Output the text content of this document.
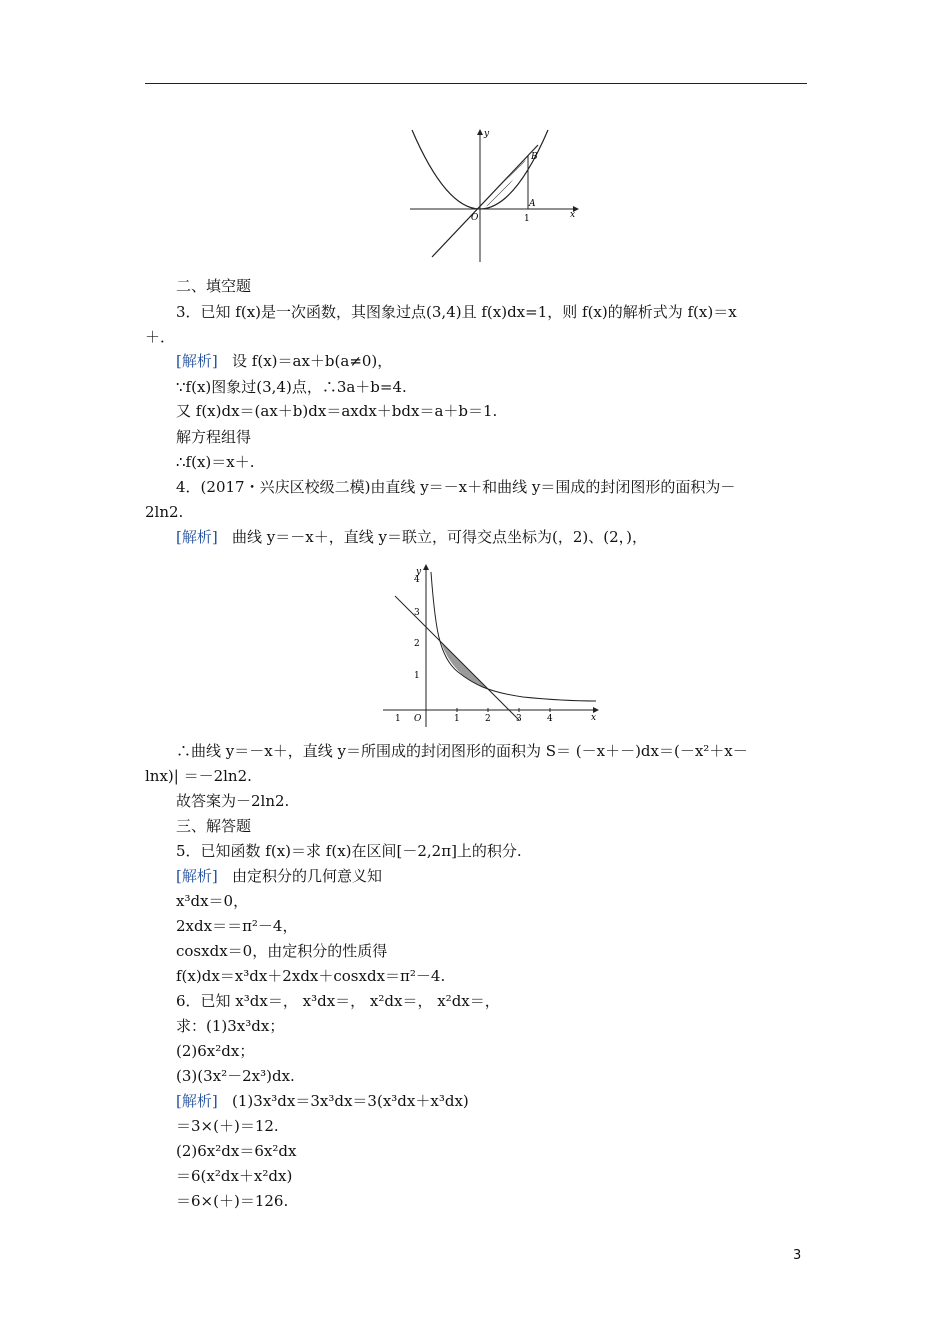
y
x
O
A
B
1
二、填空题
3．已知 f(x)是一次函数，其图象过点(3,4)且 f(x)dx=1，则 f(x)的解析式为 f(x)＝x
＋．
[解析] 设 f(x)＝ax＋b(a≠0)，
∵f(x)图象过(3,4)点，∴3a＋b=4.
又 f(x)dx＝(ax＋b)dx＝axdx＋bdx＝a＋b＝1.
解方程组得
∴f(x)＝x＋.
4．(2017・兴庆区校级二模)由直线 y＝－x＋和曲线 y＝围成的封闭图形的面积为－
2ln2.
[解析] 曲线 y＝－x＋，直线 y＝联立，可得交点坐标为(，2)、(2，)，
y
x
O
1	1	2	3	4
4
3
2
1
∴曲线 y＝－x＋，直线 y＝所围成的封闭图形的面积为 S＝ (－x＋－)dx＝(－x²＋x－
lnx)| ＝－2ln2.
故答案为－2ln2.
三、解答题
5．已知函数 f(x)＝求 f(x)在区间[－2,2π]上的积分.
[解析] 由定积分的几何意义知
x³dx＝0，
2xdx＝＝π²－4，
cosxdx＝0，由定积分的性质得
f(x)dx＝x³dx＋2xdx＋cosxdx＝π²－4.
6．已知 x³dx＝， x³dx＝， x²dx＝， x²dx＝，
求：(1)3x³dx；
(2)6x²dx；
(3)(3x²－2x³)dx.
[解析] (1)3x³dx＝3x³dx＝3(x³dx＋x³dx)
＝3×(＋)＝12.
(2)6x²dx＝6x²dx
＝6(x²dx＋x²dx)
＝6×(＋)＝126.
3
